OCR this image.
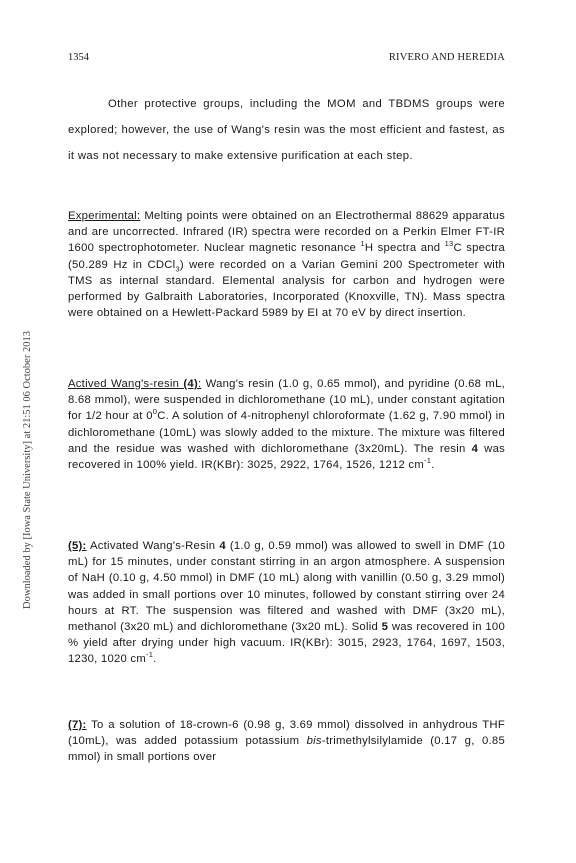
1354	RIVERO AND HEREDIA
Downloaded by [Iowa State University] at 21:51 06 October 2013

Other protective groups, including the MOM and TBDMS groups were explored; however, the use of Wang's resin was the most efficient and fastest, as it was not necessary to make extensive purification at each step.

Experimental: Melting points were obtained on an Electrothermal 88629 apparatus and are uncorrected. Infrared (IR) spectra were recorded on a Perkin Elmer FT-IR 1600 spectrophotometer. Nuclear magnetic resonance $^1$H spectra and $^{13}$C spectra (50.289 Hz in CDCl$_3$) were recorded on a Varian Gemini 200 Spectrometer with TMS as internal standard. Elemental analysis for carbon and hydrogen were performed by Galbraith Laboratories, Incorporated (Knoxville, TN). Mass spectra were obtained on a Hewlett-Packard 5989 by EI at 70 eV by direct insertion.

Actived Wang's-resin (4): Wang's resin (1.0 g, 0.65 mmol), and pyridine (0.68 mL, 8.68 mmol), were suspended in dichloromethane (10 mL), under constant agitation for 1/2 hour at $0^0C$. A solution of 4-nitrophenyl chloroformate (1.62 g, 7.90 mmol) in dichloromethane (10mL) was slowly added to the mixture. The mixture was filtered and the residue was washed with dichloromethane (3x20mL). The resin 4 was recovered in 100% yield. IR(KBr): 3025, 2922, 1764, 1526, 1212 $cm^{-1}$.

(5): Activated Wang's-Resin 4 (1.0 g, 0.59 mmol) was allowed to swell in DMF (10 mL) for 15 minutes, under constant stirring in an argon atmosphere. A suspension of NaH (0.10 g, 4.50 mmol) in DMF (10 mL) along with vanillin (0.50 g, 3.29 mmol) was added in small portions over 10 minutes, followed by constant stirring over 24 hours at RT. The suspension was filtered and washed with DMF (3x20 mL), methanol (3x20 mL) and dichloromethane (3x20 mL). Solid 5 was recovered in 100 % yield after drying under high vacuum. IR(KBr): 3015, 2923, 1764, 1697, 1503, 1230, 1020 $cm^{-1}$.

(7): To a solution of 18-crown-6 (0.98 g, 3.69 mmol) dissolved in anhydrous THF (10mL), was added potassium potassium bis-trimethylsilylamide (0.17 g, 0.85 mmol) in small portions over
